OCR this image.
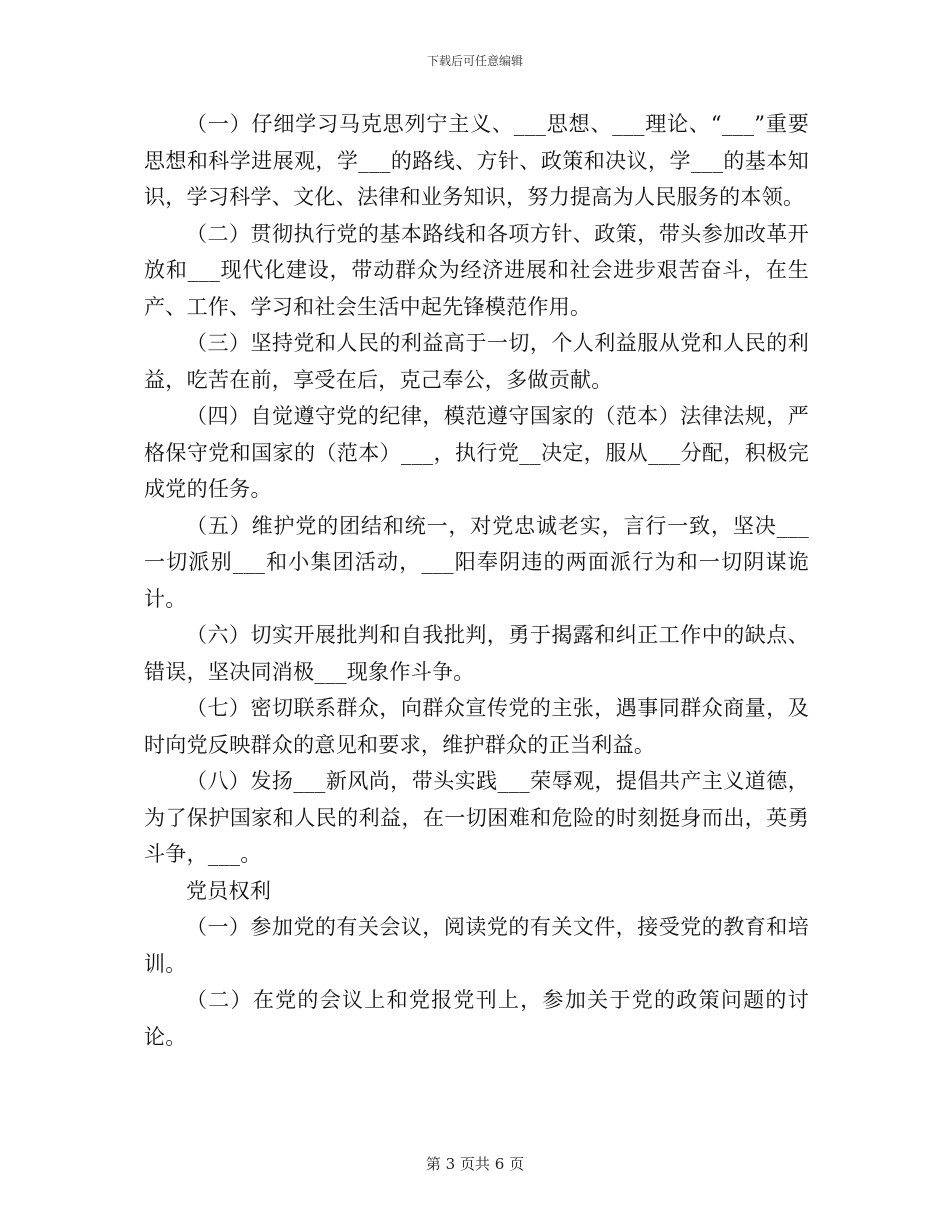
下载后可任意编辑

（一）仔细学习马克思列宁主义、___思想、___理论、“___”重要思想和科学进展观，学___的路线、方针、政策和决议，学___的基本知识，学习科学、文化、法律和业务知识，努力提高为人民服务的本领。

（二）贯彻执行党的基本路线和各项方针、政策，带头参加改革开放和___现代化建设，带动群众为经济进展和社会进步艰苦奋斗，在生产、工作、学习和社会生活中起先锋模范作用。

（三）坚持党和人民的利益高于一切，个人利益服从党和人民的利益，吃苦在前，享受在后，克己奉公，多做贡献。

（四）自觉遵守党的纪律，模范遵守国家的（范本）法律法规，严格保守党和国家的（范本）___，执行党__决定，服从___分配，积极完成党的任务。

（五）维护党的团结和统一，对党忠诚老实，言行一致，坚决___一切派别___和小集团活动，___阳奉阴违的两面派行为和一切阴谋诡计。

（六）切实开展批判和自我批判，勇于揭露和纠正工作中的缺点、错误，坚决同消极___现象作斗争。

（七）密切联系群众，向群众宣传党的主张，遇事同群众商量，及时向党反映群众的意见和要求，维护群众的正当利益。

（八）发扬___新风尚，带头实践___荣辱观，提倡共产主义道德，为了保护国家和人民的利益，在一切困难和危险的时刻挺身而出，英勇斗争，___。

党员权利

（一）参加党的有关会议，阅读党的有关文件，接受党的教育和培训。

（二）在党的会议上和党报党刊上，参加关于党的政策问题的讨论。

第 3 页共 6 页
